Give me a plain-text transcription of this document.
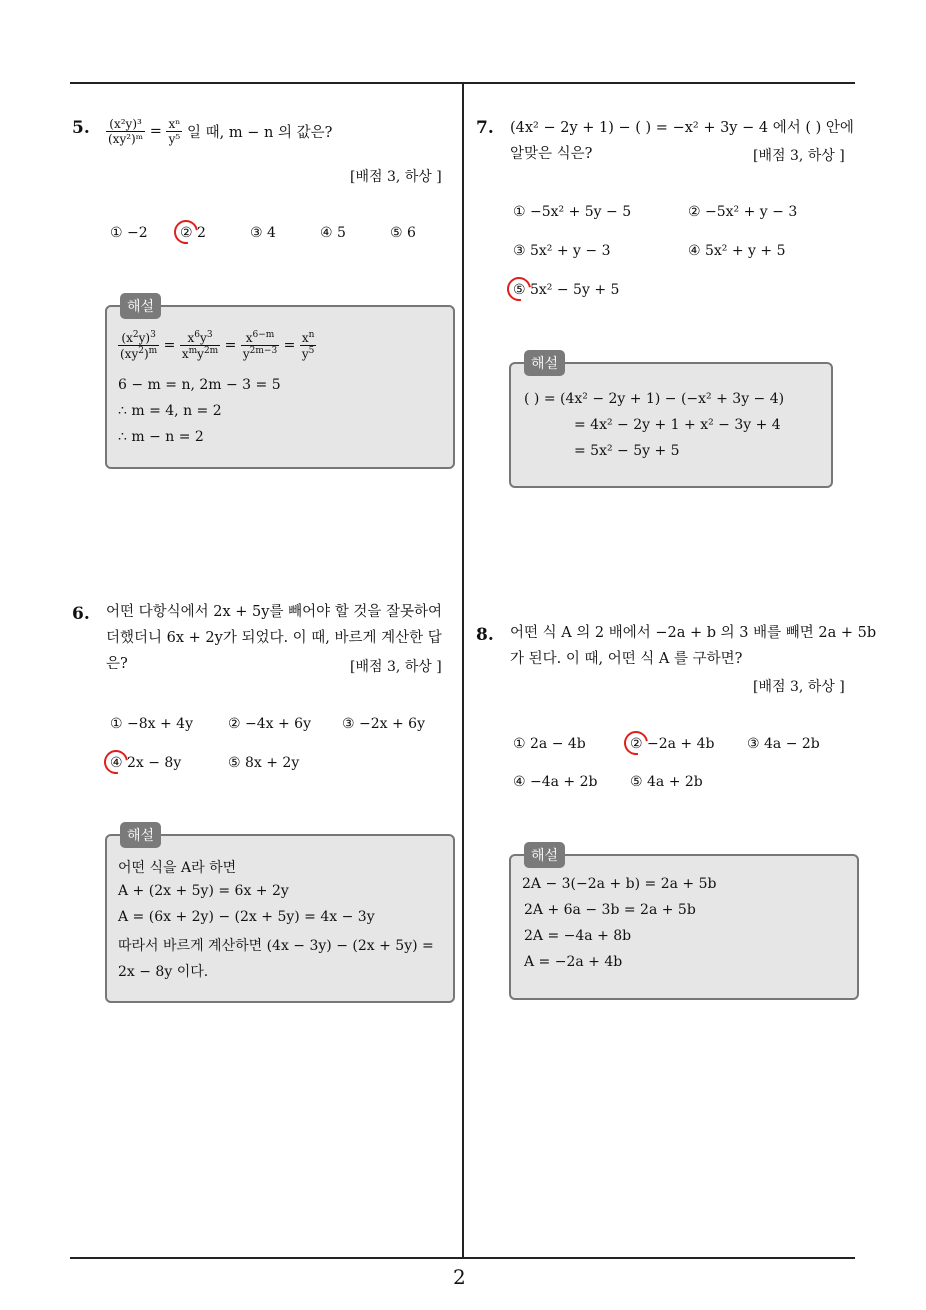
5. $\frac{\text{(x²y)³}}{\text{(xy²)ᵐ}} = \frac{\text{xⁿ}}{\text{y⁵}}$ 일 때, m − n 의 값은?
[배점 3, 하상 ]
① −2 ② 2	③ 4	④ 5	⑤ 6
해설
$\frac{(x^2y)^3}{(xy^2)^m} = \frac{x^6y^3}{x^my^{2m}} = \frac{x^{6-m}}{y^{2m-3}} = \frac{x^n}{y^5}$
6 − m = n, 2m − 3 = 5
∴ m = 4, n = 2
∴ m − n = 2
6. 어떤 다항식에서 2x + 5y를 빼어야 할 것을 잘못하여
더했더니 6x + 2y가 되었다. 이 때, 바르게 계산한 답
은?	[배점 3, 하상 ]
① −8x + 4y	② −4x + 6y ③ −2x + 6y
④ 2x − 8y	⑤ 8x + 2y
해설
어떤 식을 A라 하면
A + (2x + 5y) = 6x + 2y
A = (6x + 2y) − (2x + 5y) = 4x − 3y
따라서 바르게 계산하면 (4x − 3y) − (2x + 5y) =
2x − 8y 이다.
7. (4x² − 2y + 1) − ( ) = −x² + 3y − 4 에서 ( ) 안에
알맞은 식은?	[배점 3, 하상 ]
① −5x² + 5y − 5	② −5x² + y − 3
③ 5x² + y − 3	④ 5x² + y + 5
⑤ 5x² − 5y + 5
해설
( ) = (4x² − 2y + 1) − (−x² + 3y − 4)
= 4x² − 2y + 1 + x² − 3y + 4
= 5x² − 5y + 5
8. 어떤 식 A 의 2 배에서 −2a + b 의 3 배를 빼면 2a + 5b
가 된다. 이 때, 어떤 식 A 를 구하면?
[배점 3, 하상 ]
① 2a − 4b	② −2a + 4b ③ 4a − 2b
④ −4a + 2b ⑤ 4a + 2b
해설
2A − 3(−2a + b) = 2a + 5b
2A + 6a − 3b = 2a + 5b
2A = −4a + 8b
A = −2a + 4b
2
